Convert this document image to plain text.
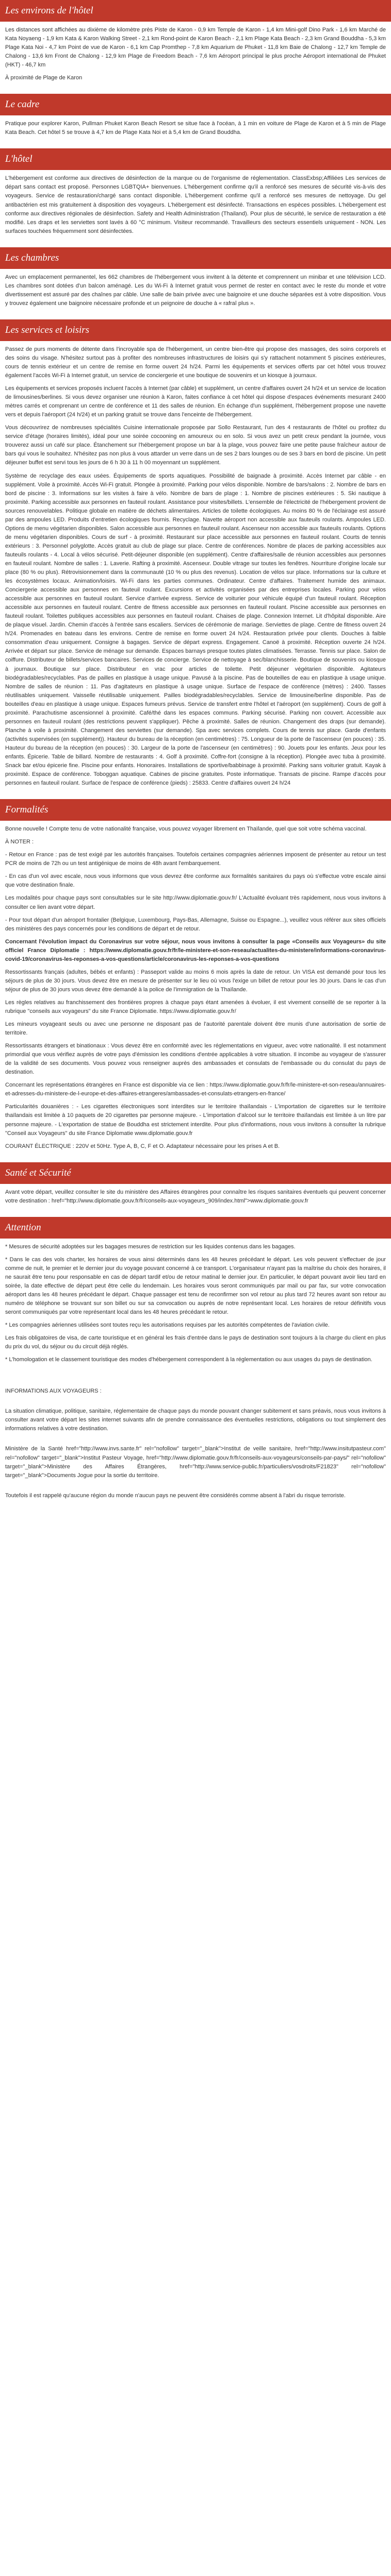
Les environs de l'hôtel

Les distances sont affichées au dixième de kilomètre près Piste de Karon - 0,9 km Temple de Karon - 1,4 km Mini-golf Dino Park - 1,6 km Marché de Kata Noyaeng - 1,9 km Kata & Karon Walking Street - 2,1 km Rond-point de Karon Beach - 2,1 km Plage Kata Beach - 2,3 km Grand Bouddha - 5,3 km Plage Kata Noi - 4,7 km Point de vue de Karon - 6,1 km Cap Promthep - 7,8 km Aquarium de Phuket - 11,8 km Baie de Chalong - 12,7 km Temple de Chalong - 13,6 km Front de Chalong - 12,9 km Plage de Freedom Beach - 7,6 km Aéroport principal le plus proche Aéroport international de Phuket (HKT) - 46,7 km

À proximité de Plage de Karon

Le cadre

Pratique pour explorer Karon, Pullman Phuket Karon Beach Resort se situe face à l'océan, à 1 min en voiture de Plage de Karon et à 5 min de Plage Kata Beach. Cet hôtel 5 se trouve à 4,7 km de Plage Kata Noi et à 5,4 km de Grand Bouddha.

L'hôtel

L'hébergement est conforme aux directives de désinfection de la marque ou de l'organisme de réglementation. ClassExbsp;Affiliées Les services de départ sans contact est proposé. Personnes LGBTQIA+ bienvenues. L'hébergement confirme qu'il a renforcé ses mesures de sécurité vis-à-vis des voyageurs. Service de restauration/chargé sans contact disponible. L'hébergement confirme qu'il a renforcé ses mesures de nettoyage. Du gel antibactérien est mis gratuitement à disposition des voyageurs. L'hébergement est désinfecté. Transactions en espèces possibles. L'hébergement est conforme aux directives régionales de désinfection. Safety and Health Administration (Thailand). Pour plus de sécurité, le service de restauration a été modifié. Les draps et les serviettes sont lavés à 60 °C minimum. Visiteur recommandé. Travailleurs des secteurs essentiels uniquement - NON. Les surfaces touchées fréquemment sont désinfectées.

Les chambres

Avec un emplacement permanentel, les 662 chambres de l'hébergement vous invitent à la détente et comprennent un minibar et une télévision LCD. Les chambres sont dotées d'un balcon aménagé. Les du Wi-Fi à Internet gratuit vous permet de rester en contact avec le reste du monde et votre divertissement est assuré par des chaînes par câble. Une salle de bain privée avec une baignoire et une douche séparées est à votre disposition. Vous y trouvez également une baignoire nécessaire profonde et un peignoire de douche à « rafraî plus ».

Les services et loisirs

Passez de purs moments de détente dans l'incroyable spa de l'hébergement, un centre bien-être qui propose des massages, des soins corporels et des soins du visage. N'hésitez surtout pas à profiter des nombreuses infrastructures de loisirs qui s'y rattachent notamment 5 piscines extérieures, cours de tennis extérieur et un centre de remise en forme ouvert 24 h/24. Parmi les équipements et services offerts par cet hôtel vous trouvez également l'accès Wi-Fi à Internet gratuit, un service de conciergerie et une boutique de souvenirs et un kiosque à journaux.

Les équipements et services proposés incluent l'accès à Internet (par câble) et supplément, un centre d'affaires ouvert 24 h/24 et un service de location de limousines/berlines. Si vous devez organiser une réunion à Karon, faites confiance à cet hôtel qui dispose d'espaces événements mesurant 2400 mètres carrés et comprenant un centre de conférence et 11 des salles de réunion. En échange d'un supplément, l'hébergement propose une navette vers et depuis l'aéroport (24 h/24) et un parking gratuit se trouve dans l'enceinte de l'hébergement.

Vous découvrirez de nombreuses spécialités Cuisine internationale proposée par Sollo Restaurant, l'un des 4 restaurants de l'hôtel ou profitez du service d'étage (horaires limités), idéal pour une soirée cocooning en amoureux ou en solo. Si vous avez un petit creux pendant la journée, vous trouverez aussi un café sur place. Étanchement sur l'hébergement propose un bar à la plage, vous pouvez faire une petite pause fraîcheur autour de bars qui vous le souhaitez. N'hésitez pas non plus à vous attarder un verre dans un de ses 2 bars lounges ou de ses 3 bars en bord de piscine. Un petit déjeuner buffet est servi tous les jours de 6 h 30 à 11 h 00 moyennant un supplément.

Système de recyclage des eaux usées. Équipements de sports aquatiques. Possibilité de baignade à proximité. Accès Internet par câble - en supplément. Voile à proximité. Accès Wi-Fi gratuit. Plongée à proximité. Parking pour vélos disponible. Nombre de bars/salons : 2. Nombre de bars en bord de piscine : 3. Informations sur les visites à faire à vélo. Nombre de bars de plage : 1. Nombre de piscines extérieures : 5. Ski nautique à proximité. Parking accessible aux personnes en fauteuil roulant. Assistance pour visites/billets. L'ensemble de l'électricité de l'hébergement provient de sources renouvelables. Politique globale en matière de déchets alimentaires. Articles de toilette écologiques. Au moins 80 % de l'éclairage est assuré par des ampoules LED. Produits d'entretien écologiques fournis. Recyclage. Navette aéroport non accessible aux fauteuils roulants. Ampoules LED. Options de menu végétarien disponibles. Salon accessible aux personnes en fauteuil roulant. Ascenseur non accessible aux fauteuils roulants. Options de menu végétarien disponibles. Cours de surf - à proximité. Restaurant sur place accessible aux personnes en fauteuil roulant. Courts de tennis extérieurs : 3. Personnel polyglotte. Accès gratuit au club de plage sur place. Centre de conférences. Nombre de places de parking accessibles aux fauteuils roulants - 4. Local à vélos sécurisé. Petit-déjeuner disponible (en supplément). Centre d'affaires/salle de réunion accessibles aux personnes en fauteuil roulant. Nombre de salles : 1. Laverie. Rafting à proximité. Ascenseur. Double vitrage sur toutes les fenêtres. Nourriture d'origine locale sur place (80 % ou plus). Rétrovisionnement dans la communauté (10 % ou plus des revenus). Location de vélos sur place. Informations sur la culture et les écosystèmes locaux. Animation/loisirs. Wi-Fi dans les parties communes. Ordinateur. Centre d'affaires. Traitement humide des animaux. Conciergerie accessible aux personnes en fauteuil roulant. Excursions et activités organisées par des entreprises locales. Parking pour vélos accessible aux personnes en fauteuil roulant. Service d'arrivée express. Service de voiturier pour véhicule équipé d'un fauteuil roulant. Réception accessible aux personnes en fauteuil roulant. Centre de fitness accessible aux personnes en fauteuil roulant. Piscine accessible aux personnes en fauteuil roulant. Toilettes publiques accessibles aux personnes en fauteuil roulant. Chaises de plage. Connexion Internet. Lit d'hôpital disponible. Aire de plaque visuel. Jardin. Chemin d'accès à l'entrée sans escaliers. Services de cérémonie de mariage. Serviettes de plage. Centre de fitness ouvert 24 h/24. Promenades en bateau dans les environs. Centre de remise en forme ouvert 24 h/24. Restauration privée pour clients. Douches à faible consommation d'eau uniquement. Consigne à bagages. Service de départ express. Engagement. Canoë à proximité. Réception ouverte 24 h/24. Arrivée et départ sur place. Service de ménage sur demande. Espaces barnays presque toutes plates climatisées. Terrasse. Tennis sur place. Salon de coiffure. Distributeur de billets/services bancaires. Services de concierge. Service de nettoyage à sec/blanchisserie. Boutique de souvenirs ou kiosque à journaux. Boutique sur place. Distributeur en vrac pour articles de toilette. Petit déjeuner végétarien disponible. Agitateurs biodégradables/recyclables. Pas de pailles en plastique à usage unique. Pavusé à la piscine. Pas de bouteilles de eau en plastique à usage unique. Nombre de salles de réunion : 11. Pas d'agitateurs en plastique à usage unique. Surface de l'espace de conférence (mètres) : 2400. Tasses réutilisables uniquement. Vaisselle réutilisable uniquement. Pailles biodégradables/recyclables. Service de limousine/berline disponible. Pas de bouteilles d'eau en plastique à usage unique. Espaces fumeurs prévus. Service de transfert entre l'hôtel et l'aéroport (en supplément). Cours de golf à proximité. Parachutisme ascensionnel à proximité. Café/thé dans les espaces communs. Parking sécurisé. Parking non couvert. Accessible aux personnes en fauteuil roulant (des restrictions peuvent s'appliquer). Pêche à proximité. Salles de réunion. Changement des draps (sur demande). Planche à voile à proximité. Changement des serviettes (sur demande). Spa avec services complets. Cours de tennis sur place. Garde d'enfants (activités supervisées (en supplément)). Hauteur du bureau de la réception (en centimètres) : 75. Longueur de la porte de l'ascenseur (en pouces) : 35. Hauteur du bureau de la réception (en pouces) : 30. Largeur de la porte de l'ascenseur (en centimètres) : 90. Jouets pour les enfants. Jeux pour les enfants. Épicerie. Table de billard. Nombre de restaurants : 4. Golf à proximité. Coffre-fort (consigne à la réception). Plongée avec tuba à proximité. Snack bar et/ou épicerie fine. Piscine pour enfants. Honoraires. Installations de sportive/babbinage à proximité. Parking sans voiturier gratuit. Kayak à proximité. Espace de conférence. Toboggan aquatique. Cabines de piscine gratuites. Poste informatique. Transats de piscine. Rampe d'accès pour personnes en fauteuil roulant. Surface de l'espace de conférence (pieds) : 25833. Centre d'affaires ouvert 24 h/24

Formalités

Bonne nouvelle ! Compte tenu de votre nationalité française, vous pouvez voyager librement en Thaïlande, quel que soit votre schéma vaccinal.

À NOTER :

- Retour en France : pas de test exigé par les autorités françaises. Toutefois certaines compagnies aériennes imposent de présenter au retour un test PCR de moins de 72h ou un test antigénique de moins de 48h avant l'embarquement.

- En cas d'un vol avec escale, nous vous informons que vous devrez être conforme aux formalités sanitaires du pays où s'effectue votre escale ainsi que votre destination finale.

Les modalités pour chaque pays sont consultables sur le site http://www.diplomatie.gouv.fr/ L'Actualité évoluant très rapidement, nous vous invitons à consulter ce lien avant votre départ.

- Pour tout départ d'un aéroport frontalier (Belgique, Luxembourg, Pays-Bas, Allemagne, Suisse ou Espagne...), veuillez vous référer aux sites officiels des ministères des pays concernés pour les conditions de départ et de retour.

Concernant l'évolution impact du Coronavirus sur votre séjour, nous vous invitons à consulter la page «Conseils aux Voyageurs» du site officiel France Diplomatie : https://www.diplomatie.gouv.fr/fr/le-ministere-et-son-reseau/actualites-du-ministere/informations-coronavirus-covid-19/coronavirus-les-reponses-a-vos-questions/article/coronavirus-les-reponses-a-vos-questions

Ressortissants français (adultes, bébés et enfants) : Passeport valide au moins 6 mois après la date de retour. Un VISA est demandé pour tous les séjours de plus de 30 jours. Vous devez être en mesure de présenter sur le lieu où vous l'exige un billet de retour pour les 30 jours. Dans le cas d'un séjour de plus de 30 jours vous devez être demandé à la police de l'immigration de la Thaïlande.

Les règles relatives au franchissement des frontières propres à chaque pays étant amenées à évoluer, il est vivement conseillé de se reporter à la rubrique "conseils aux voyageurs" du site France Diplomatie. https://www.diplomatie.gouv.fr/

Les mineurs voyageant seuls ou avec une personne ne disposant pas de l'autorité parentale doivent être munis d'une autorisation de sortie de territoire.

Ressortissants étrangers et binationaux : Vous devez être en conformité avec les réglementations en vigueur, avec votre nationalité. Il est notamment primordial que vous vérifiez auprès de votre pays d'émission les conditions d'entrée applicables à votre situation. Il incombe au voyageur de s'assurer de la validité de ses documents. Vous pouvez vous renseigner auprès des ambassades et consulats de l'embassade ou du consulat du pays de destination.

Concernant les représentations étrangères en France est disponible via ce lien : https://www.diplomatie.gouv.fr/fr/le-ministere-et-son-reseau/annuaires-et-adresses-du-ministere-de-l-europe-et-des-affaires-etrangeres/ambassades-et-consulats-etrangers-en-france/

Particularités douanières : - Les cigarettes électroniques sont interdites sur le territoire thaïlandais - L'importation de cigarettes sur le territoire thaïlandais est limitée à 10 paquets de 20 cigarettes par personne majeure. - L'importation d'alcool sur le territoire thaïlandais est limitée à un litre par personne majeure. - L'exportation de statue de Bouddha est strictement interdite. Pour plus d'informations, nous vous invitons à consulter la rubrique "Conseil aux Voyageurs" du site France Diplomatie www.diplomatie.gouv.fr

COURANT ÉLECTRIQUE : 220V et 50Hz. Type A, B, C, F et O. Adaptateur nécessaire pour les prises A et B.

Santé et Sécurité

Avant votre départ, veuillez consulter le site du ministère des Affaires étrangères pour connaître les risques sanitaires éventuels qui peuvent concerner votre destination : href="http://www.diplomatie.gouv.fr/fr/conseils-aux-voyageurs_909/index.html">www.diplomatie.gouv.fr

Attention

* Mesures de sécurité adoptées sur les bagages mesures de restriction sur les liquides contenus dans les bagages.

* Dans le cas des vols charter, les horaires de vous ainsi déterminés dans les 48 heures précédant le départ. Les vols peuvent s'effectuer de jour comme de nuit, le premier et le dernier jour du voyage pouvant concerné à ce transport. L'organisateur n'ayant pas la maîtrise du choix des horaires, il ne saurait être tenu pour responsable en cas de départ tardif et/ou de retour matinal le dernier jour. En particulier, le départ pouvant avoir lieu tard en soirée, la date effective de départ peut être celle du lendemain. Les horaires vous seront communiqués par mail ou par fax, sur votre convocation aéroport dans les 48 heures précédant le départ. Chaque passager est tenu de reconfirmer son vol retour au plus tard 72 heures avant son retour au numéro de téléphone se trouvant sur son billet ou sur sa convocation ou auprès de notre représentant local. Les horaires de retour définitifs vous seront communiqués par votre représentant local dans les 48 heures précédant le retour.

* Les compagnies aériennes utilisées sont toutes reçu les autorisations requises par les autorités compétentes de l'aviation civile.

Les frais obligatoires de visa, de carte touristique et en général les frais d'entrée dans le pays de destination sont toujours à la charge du client en plus du prix du vol, du séjour ou du circuit déjà réglés.

* L'homologation et le classement touristique des modes d'hébergement correspondent à la réglementation ou aux usages du pays de destination.

INFORMATIONS AUX VOYAGEURS :

La situation climatique, politique, sanitaire, réglementaire de chaque pays du monde pouvant changer subitement et sans préavis, nous vous invitons à consulter avant votre départ les sites internet suivants afin de prendre connaissance des éventuelles restrictions, obligations ou tout simplement des informations relatives à votre destination.

Ministère de la Santé href="http://www.invs.sante.fr" rel="nofollow" target="_blank">Institut de veille sanitaire, href="http://www.insitutpasteur.com" rel="nofollow" target="_blank">Institut Pasteur Voyage, href="http://www.diplomatie.gouv.fr/fr/conseils-aux-voyageurs/conseils-par-pays/" rel="nofollow" target="_blank">Ministère des Affaires Étrangères, href="http://www.service-public.fr/particuliers/vosdroits/F21823" rel="nofollow" target="_blank">Documents Jogue pour la sortie du territoire.

Toutefois il est rappelé qu'aucune région du monde n'aucun pays ne peuvent être considérés comme absent à l'abri du risque terroriste.
